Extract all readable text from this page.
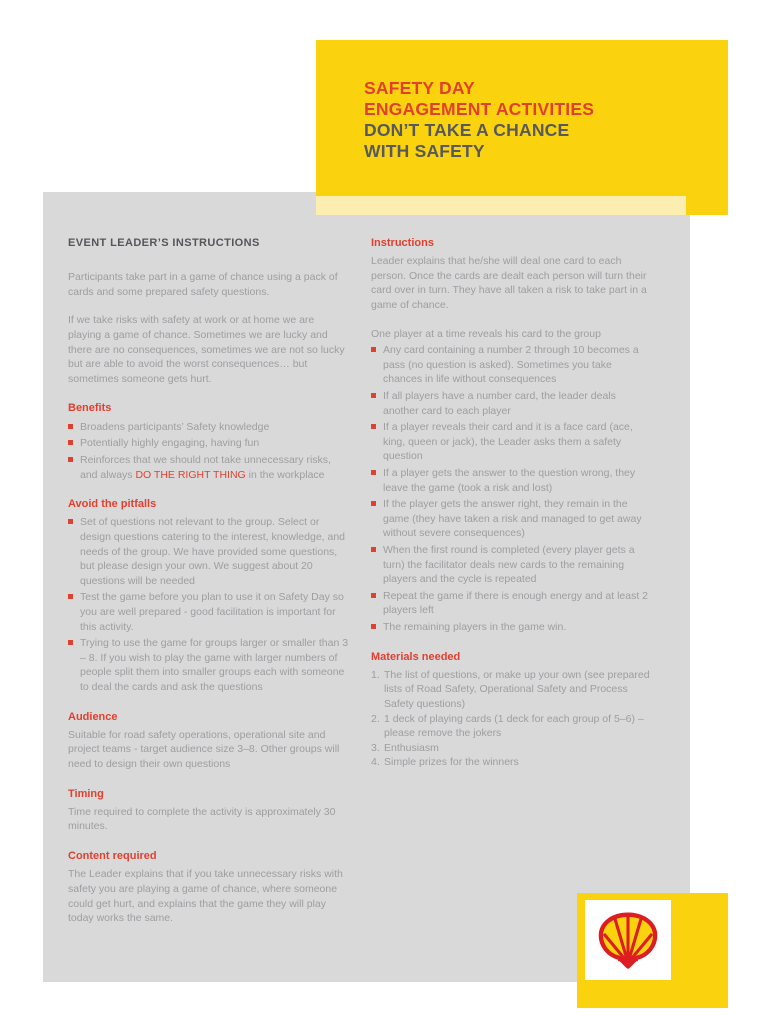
SAFETY DAY
ENGAGEMENT ACTIVITIES
DON’T TAKE A CHANCE
WITH SAFETY
EVENT LEADER’S INSTRUCTIONS

Participants take part in a game of chance using a pack of cards and some prepared safety questions.

If we take risks with safety at work or at home we are playing a game of chance. Sometimes we are lucky and there are no consequences, sometimes we are not so lucky but are able to avoid the worst consequences… but sometimes someone gets hurt.

Benefits
Broadens participants’ Safety knowledge
Potentially highly engaging, having fun
Reinforces that we should not take unnecessary risks, and always DO THE RIGHT THING in the workplace
Avoid the pitfalls
Set of questions not relevant to the group. Select or design questions catering to the interest, knowledge, and needs of the group. We have provided some questions, but please design your own. We suggest about 20 questions will be needed
Test the game before you plan to use it on Safety Day so you are well prepared - good facilitation is important for this activity.
Trying to use the game for groups larger or smaller than 3 – 8. If you wish to play the game with larger numbers of people split them into smaller groups each with someone to deal the cards and ask the questions
Audience

Suitable for road safety operations, operational site and project teams - target audience size 3–8. Other groups will need to design their own questions

Timing

Time required to complete the activity is approximately 30 minutes.

Content required

The Leader explains that if you take unnecessary risks with safety you are playing a game of chance, where someone could get hurt, and explains that the game they will play today works the same.

Instructions

Leader explains that he/she will deal one card to each person. Once the cards are dealt each person will turn their card over in turn. They have all taken a risk to take part in a game of chance.

One player at a time reveals his card to the group

Any card containing a number 2 through 10 becomes a pass (no question is asked). Sometimes you take chances in life without consequences
If all players have a number card, the leader deals another card to each player
If a player reveals their card and it is a face card (ace, king, queen or jack), the Leader asks them a safety question
If a player gets the answer to the question wrong, they leave the game (took a risk and lost)
If the player gets the answer right, they remain in the game (they have taken a risk and managed to get away without severe consequences)
When the first round is completed (every player gets a turn) the facilitator deals new cards to the remaining players and the cycle is repeated
Repeat the game if there is enough energy and at least 2 players left
The remaining players in the game win.
Materials needed
1. The list of questions, or make up your own (see prepared lists of Road Safety, Operational Safety and Process Safety questions)
2. 1 deck of playing cards (1 deck for each group of 5–6) – please remove the jokers
3. Enthusiasm
4. Simple prizes for the winners
